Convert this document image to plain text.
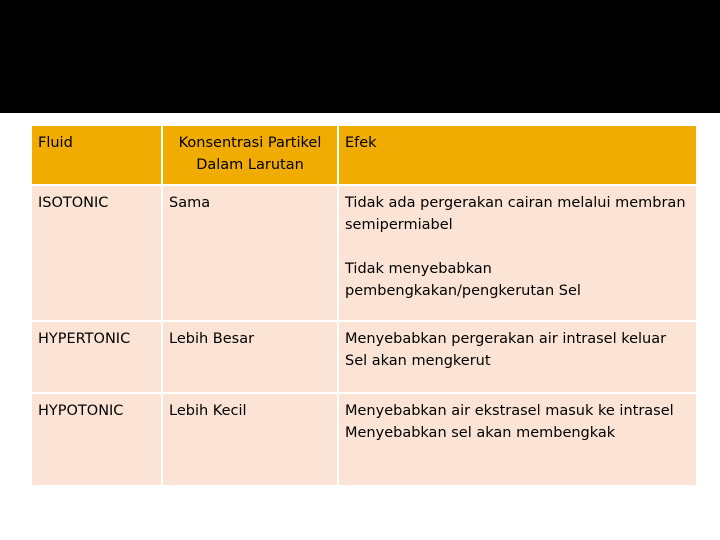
Fluid	Konsentrasi Partikel Dalam Larutan	Efek
ISOTONIC	Sama	Tidak ada pergerakan cairan melalui membran semipermiabel
Tidak menyebabkan pembengkakan/pengkerutan Sel

HYPERTONIC	Lebih Besar	Menyebabkan pergerakan air intrasel keluar Sel akan mengkerut

HYPOTONIC	Lebih Kecil	Menyebabkan air ekstrasel masuk ke intrasel
Menyebabkan sel akan membengkak
